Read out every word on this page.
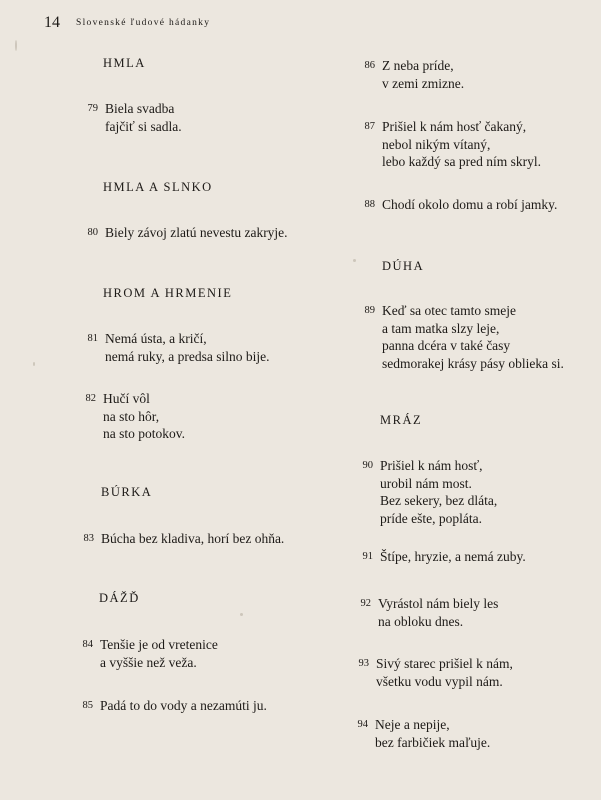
14 Slovenské ľudové hádanky
HMLA
79 Biela svadba
fajčiť si sadla.
HMLA A SLNKO
80 Biely závoj zlatú nevestu zakryje.
HROM A HRMENIE
81 Nemá ústa, a kričí,
nemá ruky, a predsa silno bije.
82 Hučí vôl
na sto hôr,
na sto potokov.
BÚRKA
83 Búcha bez kladiva, horí bez ohňa.
DÁŽĎ
84 Tenšie je od vretenice
a vyššie než veža.
85 Padá to do vody a nezamúti ju.
86 Z neba príde,
v zemi zmizne.
87 Prišiel k nám hosť čakaný,
nebol nikým vítaný,
lebo každý sa pred ním skryl.
88 Chodí okolo domu a robí jamky.
DÚHA
89 Keď sa otec tamto smeje
a tam matka slzy leje,
panna dcéra v také časy
sedmorakej krásy pásy oblieka si.
MRÁZ
90 Prišiel k nám hosť,
urobil nám most.
Bez sekery, bez dláta,
príde ešte, popláta.
91 Štípe, hryzie, a nemá zuby.
92 Vyrástol nám biely les
na obloku dnes.
93 Sivý starec prišiel k nám,
všetku vodu vypil nám.
94 Neje a nepije,
bez farbičiek maľuje.
